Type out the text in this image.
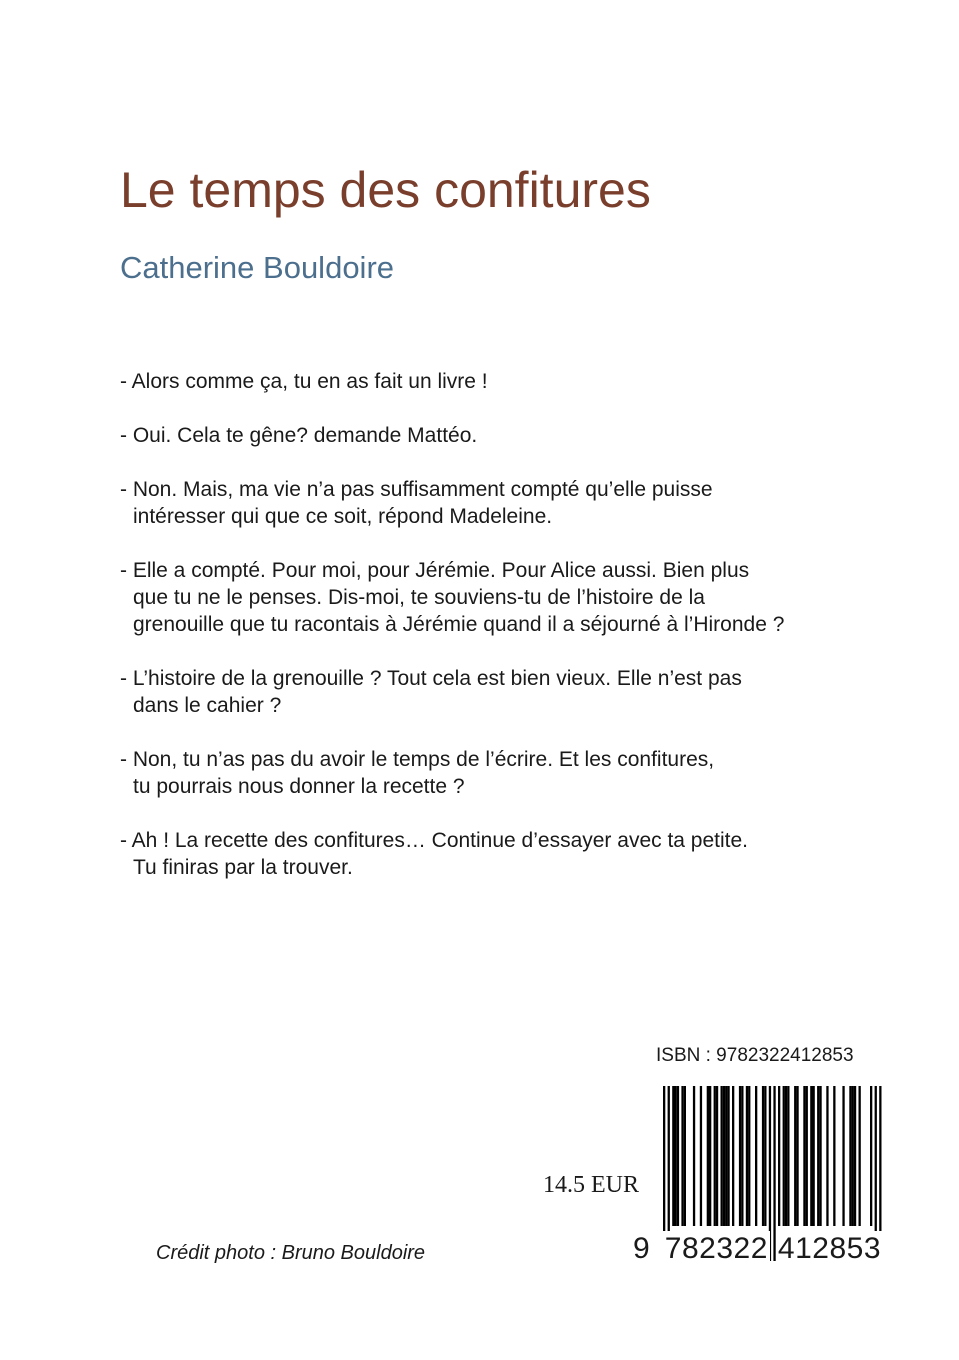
Le temps des confitures
Catherine Bouldoire
- Alors comme ça, tu en as fait un livre !
- Oui. Cela te gêne? demande Mattéo.
- Non. Mais, ma vie n’a pas suffisamment compté qu’elle puisse
intéresser qui que ce soit, répond Madeleine.
- Elle a compté. Pour moi, pour Jérémie. Pour Alice aussi. Bien plus
que tu ne le penses. Dis-moi, te souviens-tu de l’histoire de la
grenouille que tu racontais à Jérémie quand il a séjourné à l’Hironde ?
- L’histoire de la grenouille ? Tout cela est bien vieux. Elle n’est pas
dans le cahier ?
- Non, tu n’as pas du avoir le temps de l’écrire. Et les confitures,
tu pourrais nous donner la recette ?
- Ah ! La recette des confitures… Continue d’essayer avec ta petite.
Tu finiras par la trouver.
ISBN : 9782322412853
9 782322 412853
14.5 EUR
Crédit photo : Bruno Bouldoire
